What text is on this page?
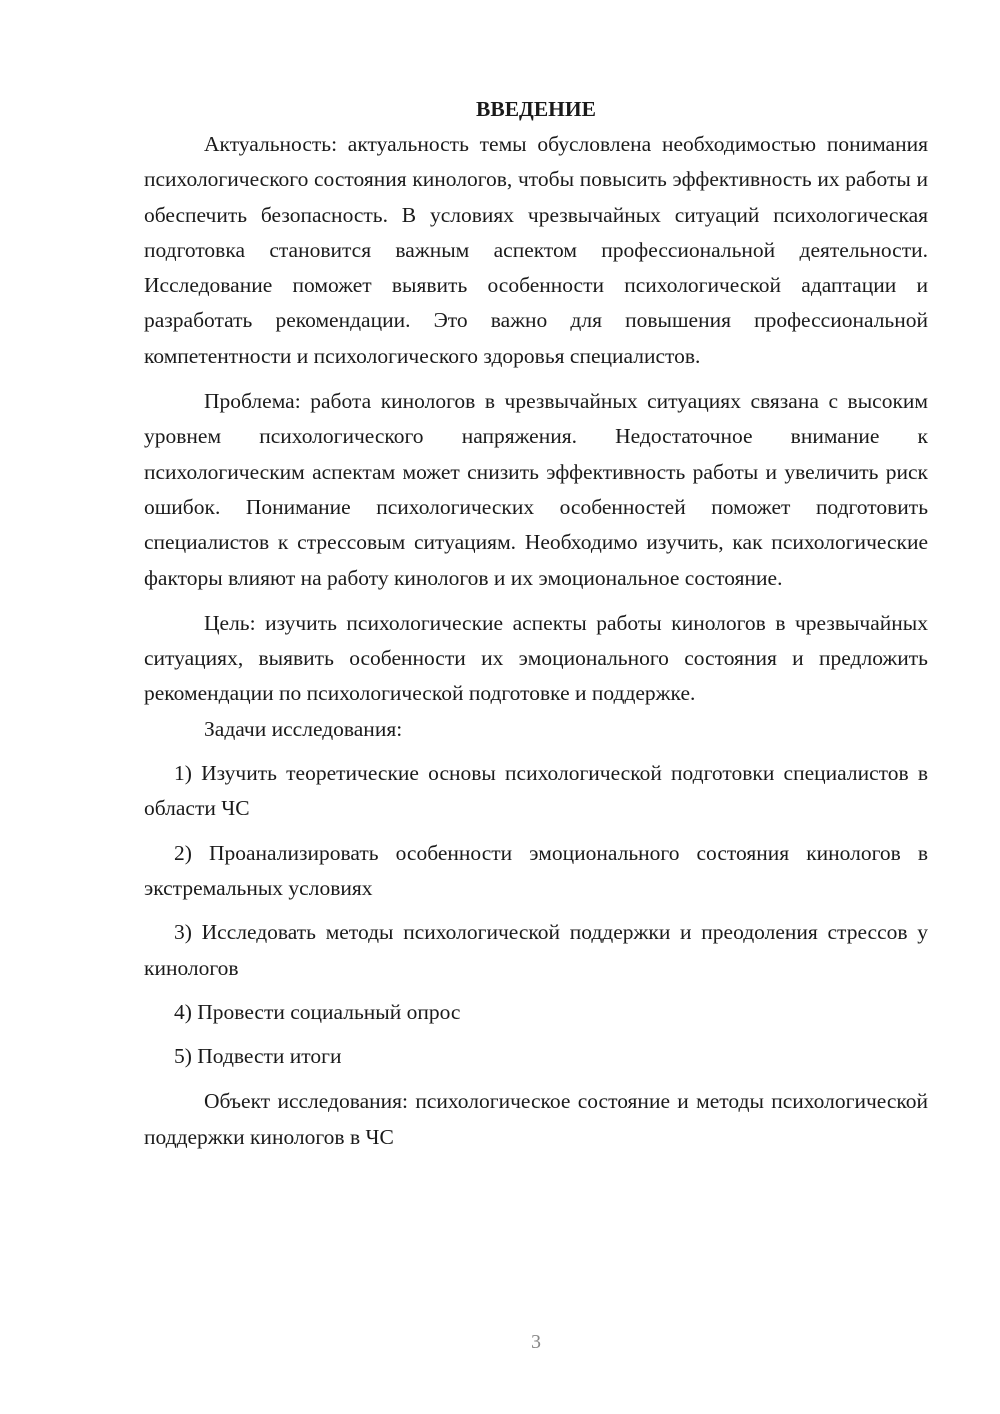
ВВЕДЕНИЕ

Актуальность: актуальность темы обусловлена необходимостью понимания психологического состояния кинологов, чтобы повысить эффективность их работы и обеспечить безопасность. В условиях чрезвычайных ситуаций психологическая подготовка становится важным аспектом профессиональной деятельности. Исследование поможет выявить особенности психологической адаптации и разработать рекомендации. Это важно для повышения профессиональной компетентности и психологического здоровья специалистов.

Проблема: работа кинологов в чрезвычайных ситуациях связана с высоким уровнем психологического напряжения. Недостаточное внимание к психологическим аспектам может снизить эффективность работы и увеличить риск ошибок. Понимание психологических особенностей поможет подготовить специалистов к стрессовым ситуациям. Необходимо изучить, как психологические факторы влияют на работу кинологов и их эмоциональное состояние.

Цель: изучить психологические аспекты работы кинологов в чрезвычайных ситуациях, выявить особенности их эмоционального состояния и предложить рекомендации по психологической подготовке и поддержке.

Задачи исследования:

1) Изучить теоретические основы психологической подготовки специалистов в области ЧС

2) Проанализировать особенности эмоционального состояния кинологов в экстремальных условиях

3) Исследовать методы психологической поддержки и преодоления стрессов у кинологов

4) Провести социальный опрос

5) Подвести итоги

Объект исследования: психологическое состояние и методы психологической поддержки кинологов в ЧС

3
